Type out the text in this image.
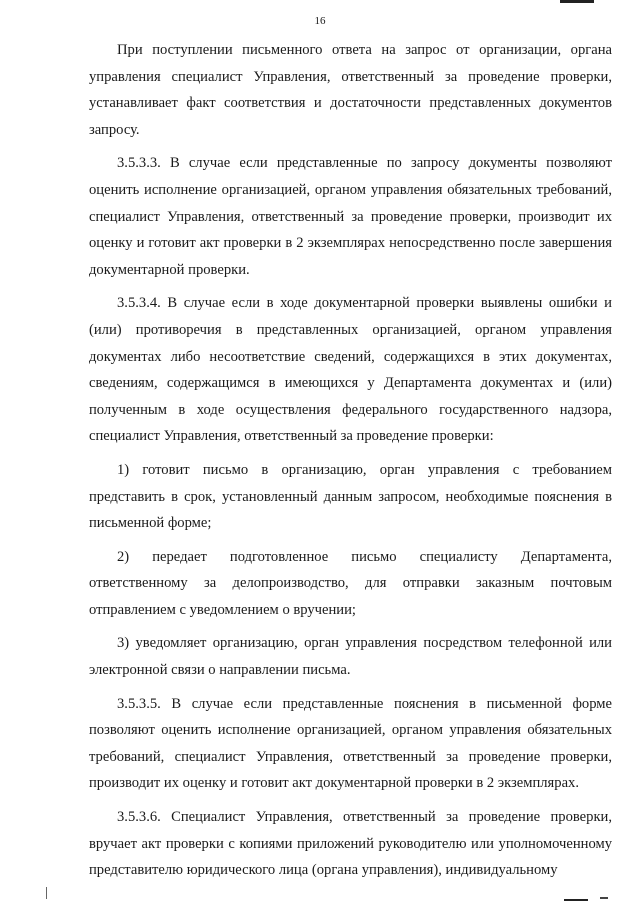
16

При поступлении письменного ответа на запрос от организации, органа управления специалист Управления, ответственный за проведение проверки, устанавливает факт соответствия и достаточности представленных документов запросу.

3.5.3.3. В случае если представленные по запросу документы позволяют оценить исполнение организацией, органом управления обязательных требований, специалист Управления, ответственный за проведение проверки, производит их оценку и готовит акт проверки в 2 экземплярах непосредственно после завершения документарной проверки.

3.5.3.4. В случае если в ходе документарной проверки выявлены ошибки и (или) противоречия в представленных организацией, органом управления документах либо несоответствие сведений, содержащихся в этих документах, сведениям, содержащимся в имеющихся у Департамента документах и (или) полученным в ходе осуществления федерального государственного надзора, специалист Управления, ответственный за проведение проверки:

1) готовит письмо в организацию, орган управления с требованием представить в срок, установленный данным запросом, необходимые пояснения в письменной форме;

2) передает подготовленное письмо специалисту Департамента, ответственному за делопроизводство, для отправки заказным почтовым отправлением с уведомлением о вручении;

3) уведомляет организацию, орган управления посредством телефонной или электронной связи о направлении письма.

3.5.3.5. В случае если представленные пояснения в письменной форме позволяют оценить исполнение организацией, органом управления обязательных требований, специалист Управления, ответственный за проведение проверки, производит их оценку и готовит акт документарной проверки в 2 экземплярах.

3.5.3.6. Специалист Управления, ответственный за проведение проверки, вручает акт проверки с копиями приложений руководителю или уполномоченному представителю юридического лица (органа управления), индивидуальному
